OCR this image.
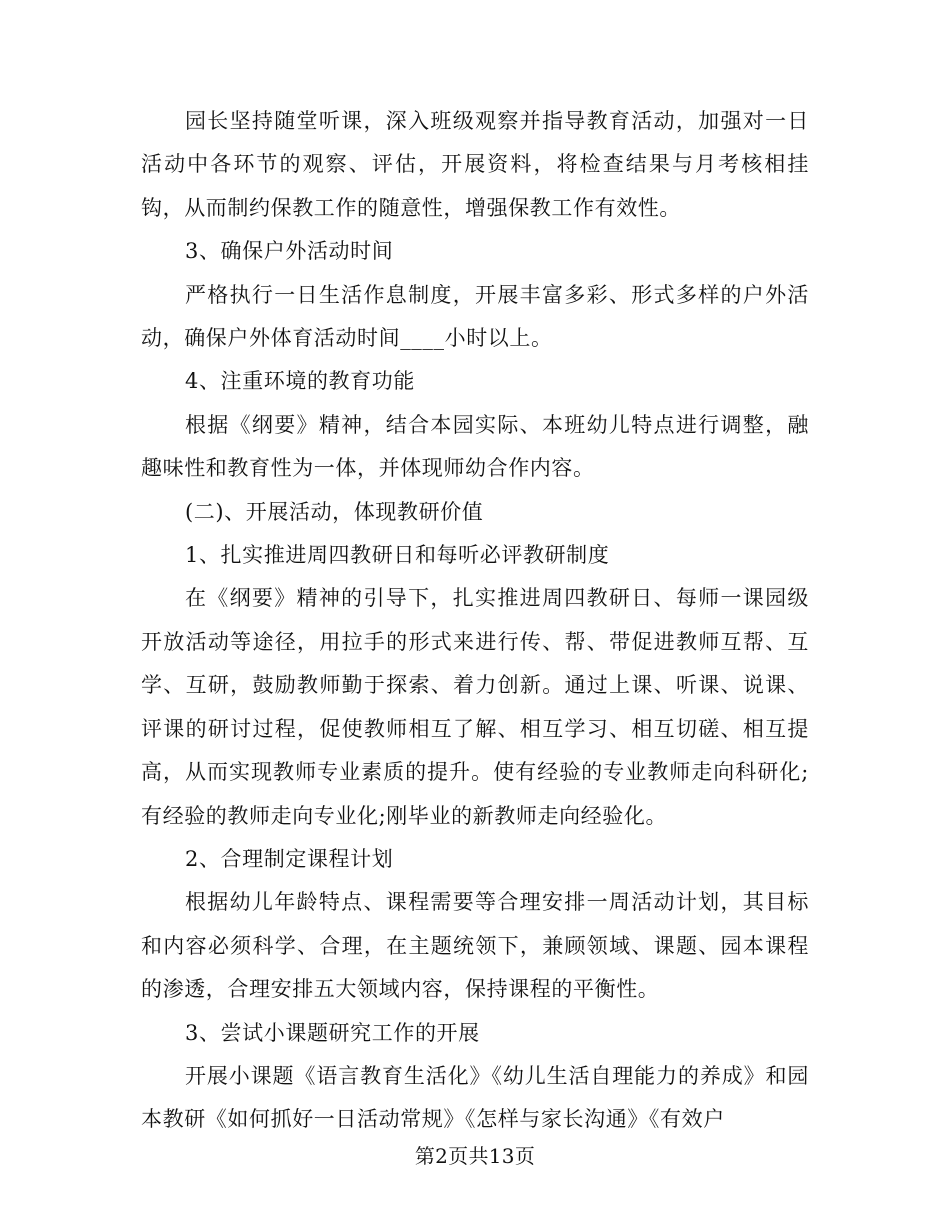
园长坚持随堂听课，深入班级观察并指导教育活动，加强对一日活动中各环节的观察、评估，开展资料，将检查结果与月考核相挂钩，从而制约保教工作的随意性，增强保教工作有效性。

3、确保户外活动时间

严格执行一日生活作息制度，开展丰富多彩、形式多样的户外活动，确保户外体育活动时间____小时以上。

4、注重环境的教育功能

根据《纲要》精神，结合本园实际、本班幼儿特点进行调整，融趣味性和教育性为一体，并体现师幼合作内容。

(二)、开展活动，体现教研价值

1、扎实推进周四教研日和每听必评教研制度

在《纲要》精神的引导下，扎实推进周四教研日、每师一课园级开放活动等途径，用拉手的形式来进行传、帮、带促进教师互帮、互学、互研，鼓励教师勤于探索、着力创新。通过上课、听课、说课、评课的研讨过程，促使教师相互了解、相互学习、相互切磋、相互提高，从而实现教师专业素质的提升。使有经验的专业教师走向科研化;有经验的教师走向专业化;刚毕业的新教师走向经验化。

2、合理制定课程计划

根据幼儿年龄特点、课程需要等合理安排一周活动计划，其目标和内容必须科学、合理，在主题统领下，兼顾领域、课题、园本课程的渗透，合理安排五大领域内容，保持课程的平衡性。

3、尝试小课题研究工作的开展

开展小课题《语言教育生活化》《幼儿生活自理能力的养成》和园本教研《如何抓好一日活动常规》《怎样与家长沟通》《有效户

第2页共13页
